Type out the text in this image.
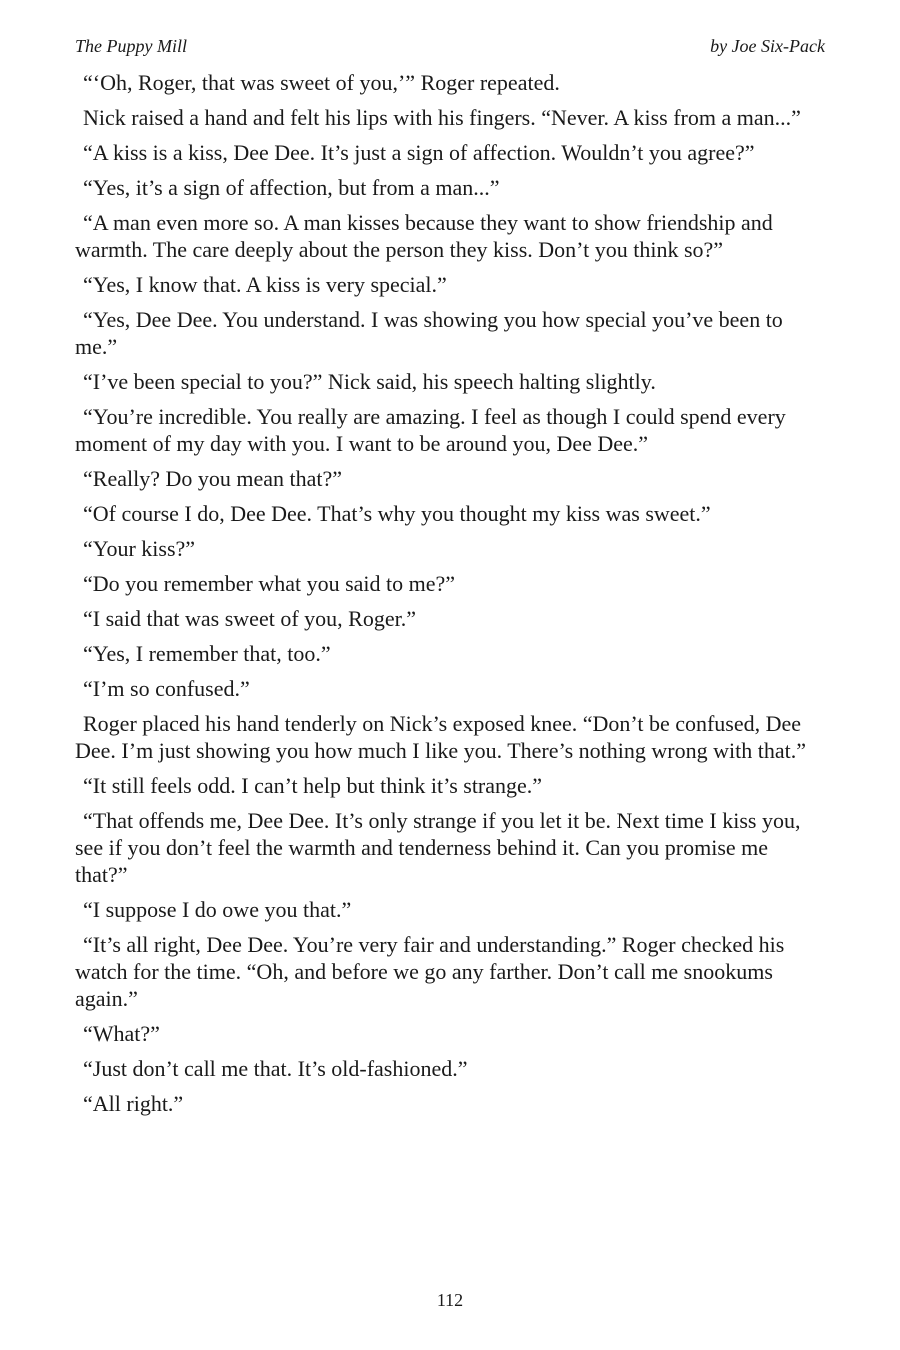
The Puppy Mill	by Joe Six-Pack

“‘Oh, Roger, that was sweet of you,’” Roger repeated.

Nick raised a hand and felt his lips with his fingers. “Never. A kiss from a man...”

“A kiss is a kiss, Dee Dee. It’s just a sign of affection. Wouldn’t you agree?”

“Yes, it’s a sign of affection, but from a man...”

“A man even more so. A man kisses because they want to show friendship and warmth. The care deeply about the person they kiss. Don’t you think so?”

“Yes, I know that. A kiss is very special.”

“Yes, Dee Dee. You understand. I was showing you how special you’ve been to me.”

“I’ve been special to you?” Nick said, his speech halting slightly.

“You’re incredible. You really are amazing. I feel as though I could spend every moment of my day with you. I want to be around you, Dee Dee.”

“Really? Do you mean that?”

“Of course I do, Dee Dee. That’s why you thought my kiss was sweet.”

“Your kiss?”

“Do you remember what you said to me?”

“I said that was sweet of you, Roger.”

“Yes, I remember that, too.”

“I’m so confused.”

Roger placed his hand tenderly on Nick’s exposed knee. “Don’t be confused, Dee Dee. I’m just showing you how much I like you. There’s nothing wrong with that.”

“It still feels odd. I can’t help but think it’s strange.”

“That offends me, Dee Dee. It’s only strange if you let it be. Next time I kiss you, see if you don’t feel the warmth and tenderness behind it. Can you promise me that?”

“I suppose I do owe you that.”

“It’s all right, Dee Dee. You’re very fair and understanding.” Roger checked his watch for the time. “Oh, and before we go any farther. Don’t call me snookums again.”

“What?”

“Just don’t call me that. It’s old-fashioned.”

“All right.”

112
